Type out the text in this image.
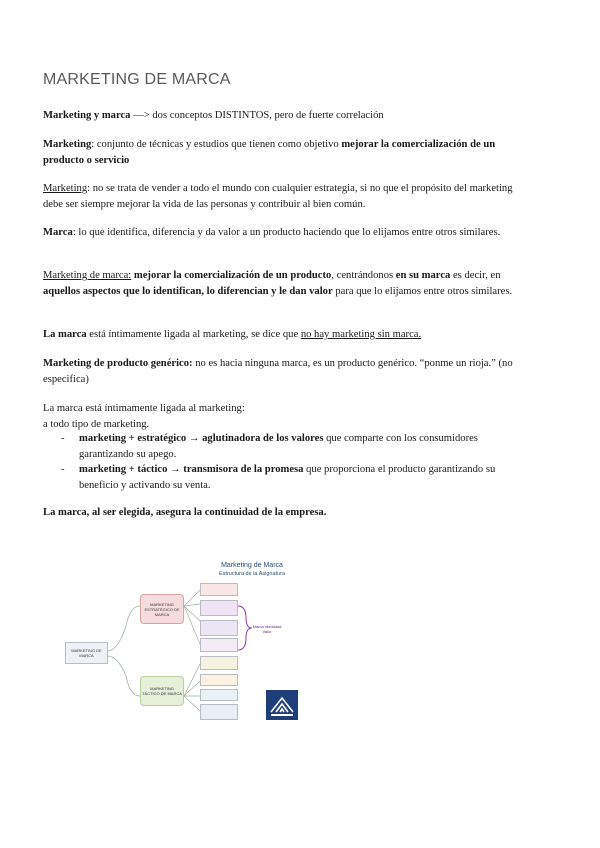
MARKETING DE MARCA
Marketing y marca —> dos conceptos DISTINTOS, pero de fuerte correlación
Marketing: conjunto de técnicas y estudios que tienen como objetivo mejorar la comercialización de un producto o servicio
Marketing: no se trata de vender a todo el mundo con cualquier estrategia, si no que el propósito del marketing debe ser siempre mejorar la vida de las personas y contribuir al bien común.
Marca: lo que identifica, diferencia y da valor a un producto haciendo que lo elijamos entre otros similares.
Marketing de marca: mejorar la comercialización de un producto, centrándonos en su marca es decir, en aquellos aspectos que lo identifican, lo diferencian y le dan valor para que lo elijamos entre otros similares.
La marca está íntimamente ligada al marketing, se dice que no hay marketing sin marca.
Marketing de producto genérico: no es hacia ninguna marca, es un producto genérico. “ponme un rioja.” (no especifica)
La marca está íntimamente ligada al marketing:
a todo tipo de marketing.
- marketing + estratégico → aglutinadora de los valores que comparte con los consumidores garantizando su apego.
- marketing + táctico → transmisora de la promesa que proporciona el producto garantizando su beneficio y activando su venta.
La marca, al ser elegida, asegura la continuidad de la empresa.
Marketing de Marca
Estructura de la Asignatura
MARKETING DE MARCA
MARKETING ESTRATÉGICO DE MARCA
MARKETING TÁCTICO DE MARCA
Marca Identidad Valor
